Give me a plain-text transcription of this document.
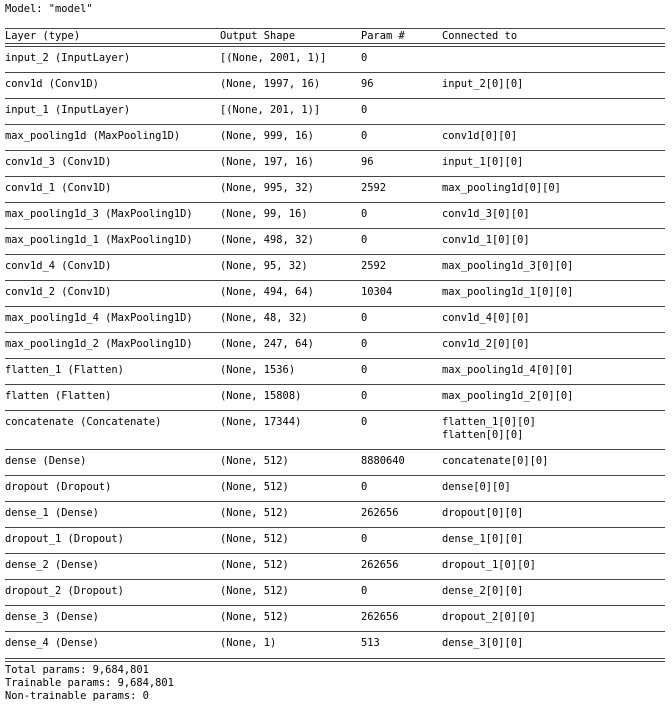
Model: "model"
Layer (type)	Output Shape	Param #	Connected to
input_2 (InputLayer)	[(None, 2001, 1)]	0
conv1d (Conv1D)	(None, 1997, 16)	96	input_2[0][0]
input_1 (InputLayer)	[(None, 201, 1)]	0
max_pooling1d (MaxPooling1D)	(None, 999, 16)	0	conv1d[0][0]
conv1d_3 (Conv1D)	(None, 197, 16)	96	input_1[0][0]
conv1d_1 (Conv1D)	(None, 995, 32)	2592	max_pooling1d[0][0]
max_pooling1d_3 (MaxPooling1D)	(None, 99, 16)	0	conv1d_3[0][0]
max_pooling1d_1 (MaxPooling1D)	(None, 498, 32)	0	conv1d_1[0][0]
conv1d_4 (Conv1D)	(None, 95, 32)	2592	max_pooling1d_3[0][0]
conv1d_2 (Conv1D)	(None, 494, 64)	10304	max_pooling1d_1[0][0]
max_pooling1d_4 (MaxPooling1D)	(None, 48, 32)	0	conv1d_4[0][0]
max_pooling1d_2 (MaxPooling1D)	(None, 247, 64)	0	conv1d_2[0][0]
flatten_1 (Flatten)	(None, 1536)	0	max_pooling1d_4[0][0]
flatten (Flatten)	(None, 15808)	0	max_pooling1d_2[0][0]
concatenate (Concatenate)	(None, 17344)	0	flatten_1[0][0]
flatten[0][0]
dense (Dense)	(None, 512)	8880640	concatenate[0][0]
dropout (Dropout)	(None, 512)	0	dense[0][0]
dense_1 (Dense)	(None, 512)	262656	dropout[0][0]
dropout_1 (Dropout)	(None, 512)	0	dense_1[0][0]
dense_2 (Dense)	(None, 512)	262656	dropout_1[0][0]
dropout_2 (Dropout)	(None, 512)	0	dense_2[0][0]
dense_3 (Dense)	(None, 512)	262656	dropout_2[0][0]
dense_4 (Dense)	(None, 1)	513	dense_3[0][0]
Total params: 9,684,801
Trainable params: 9,684,801
Non-trainable params: 0
